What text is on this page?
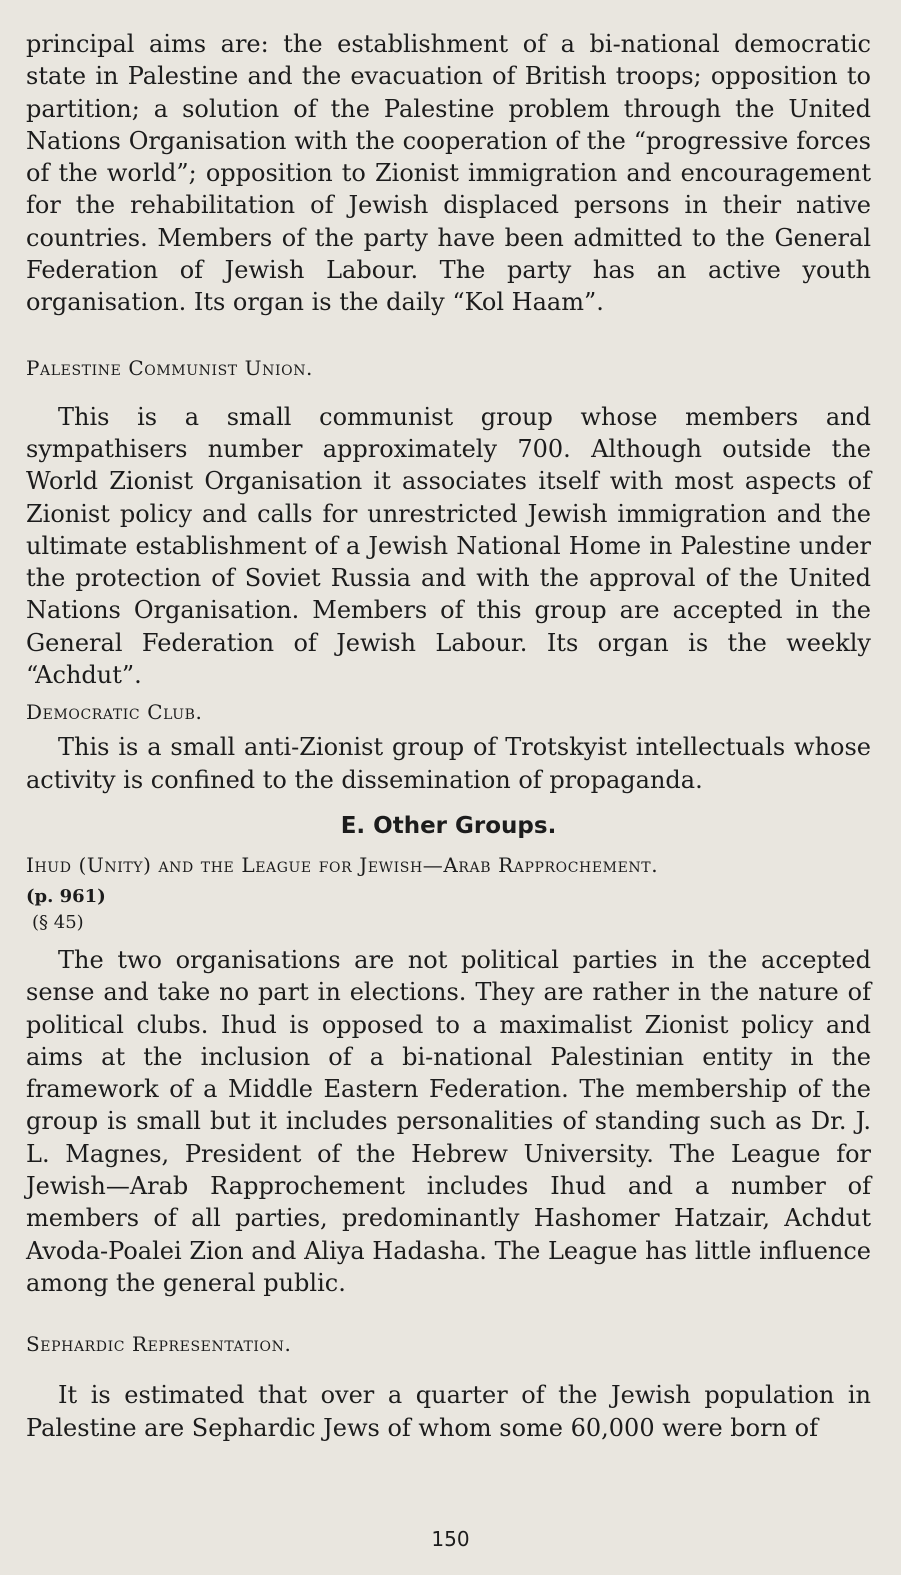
principal aims are: the establishment of a bi-national democratic state in Palestine and the evacuation of British troops; opposition to partition; a solution of the Palestine problem through the United Nations Organisation with the cooperation of the “progressive forces of the world”; opposition to Zionist immigration and encouragement for the rehabilitation of Jewish displaced persons in their native countries. Members of the party have been admitted to the General Federation of Jewish Labour. The party has an active youth organisation. Its organ is the daily “Kol Haam”.

Palestine Communist Union.

This is a small communist group whose members and sympathisers number approximately 700. Although outside the World Zionist Organisation it associates itself with most aspects of Zionist policy and calls for unrestricted Jewish immigration and the ultimate establishment of a Jewish National Home in Palestine under the protection of Soviet Russia and with the approval of the United Nations Organisation. Members of this group are accepted in the General Federation of Jewish Labour. Its organ is the weekly “Achdut”.

Democratic Club.

This is a small anti-Zionist group of Trotskyist intellectuals whose activity is confined to the dissemination of propaganda.

E. Other Groups.

Ihud (Unity) and the League for Jewish—Arab Rapprochement.

(p. 961)

(§ 45)

The two organisations are not political parties in the accepted sense and take no part in elections. They are rather in the nature of political clubs. Ihud is opposed to a maximalist Zionist policy and aims at the inclusion of a bi-national Palestinian entity in the framework of a Middle Eastern Federation. The membership of the group is small but it includes personalities of standing such as Dr. J. L. Magnes, President of the Hebrew University. The League for Jewish—Arab Rapprochement includes Ihud and a number of members of all parties, predominantly Hashomer Hatzair, Achdut Avoda-Poalei Zion and Aliya Hadasha. The League has little influence among the general public.

Sephardic Representation.

It is estimated that over a quarter of the Jewish population in Palestine are Sephardic Jews of whom some 60,000 were born of

150
